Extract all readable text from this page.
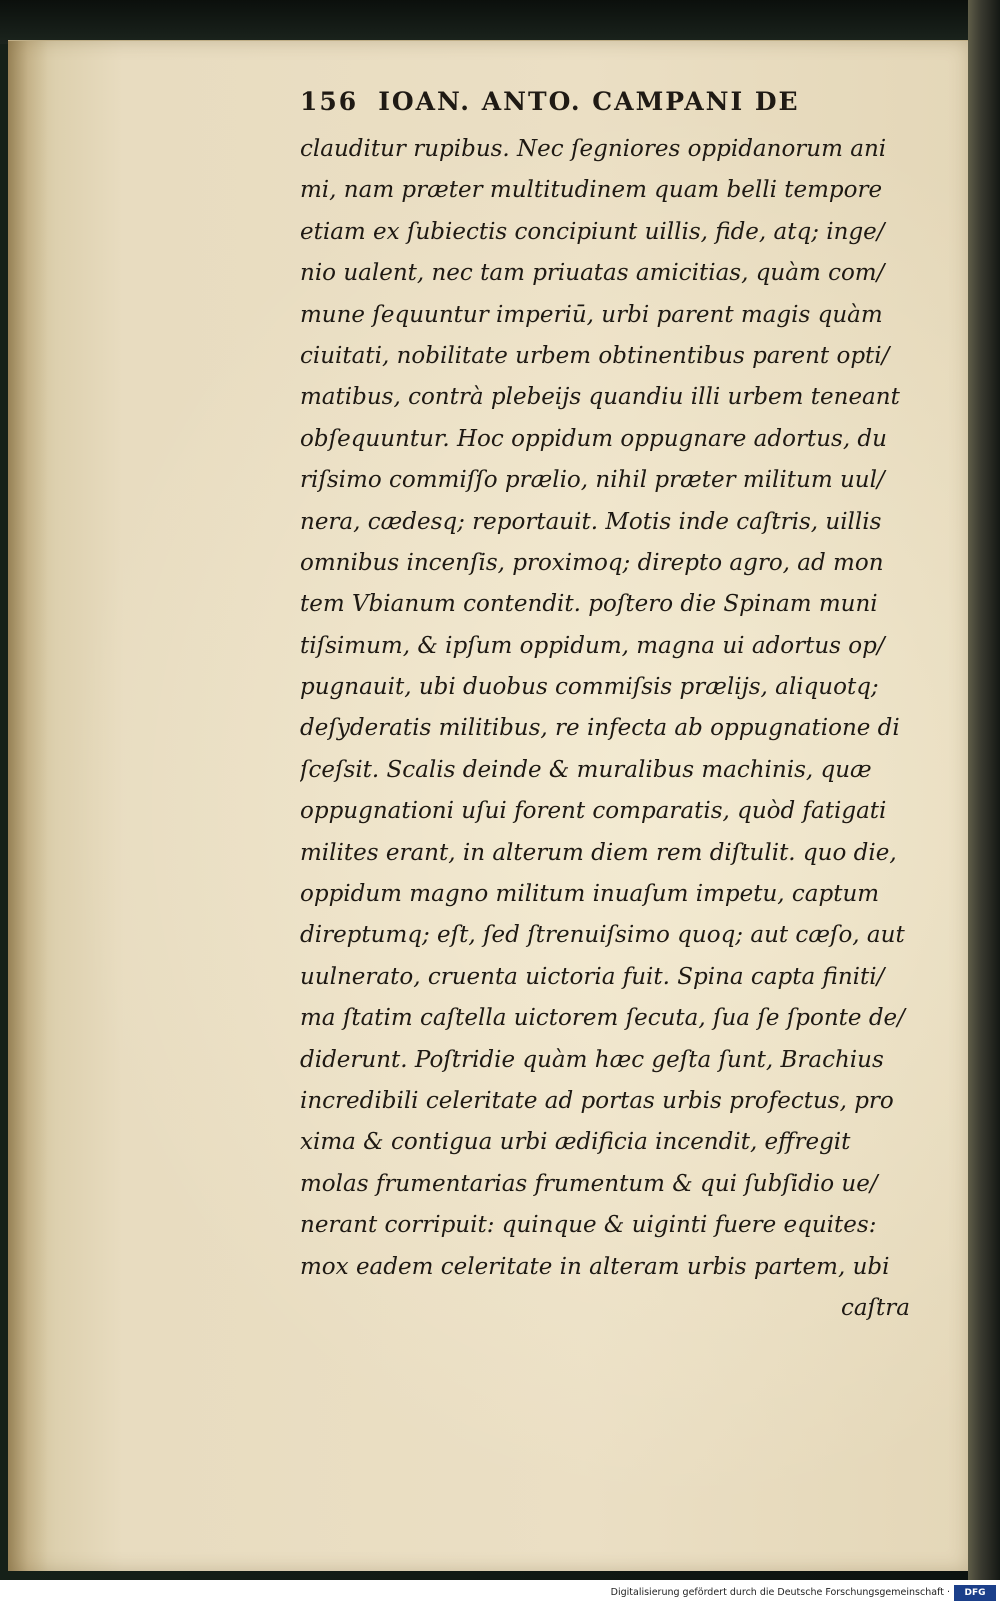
156 IOAN. ANTO. CAMPANI DE
clauditur rupibus. Nec ſegniores oppidanorum ani
mi, nam præter multitudinem quam belli tempore
etiam ex ſubiectis concipiunt uillis, fide, atq; inge/
nio ualent, nec tam priuatas amicitias, quàm com/
mune ſequuntur imperiū, urbi parent magis quàm
ciuitati, nobilitate urbem obtinentibus parent opti/
matibus, contrà plebeijs quandiu illi urbem teneant
obſequuntur. Hoc oppidum oppugnare adortus, du
riſsimo commiſſo prælio, nihil præter militum uul/
nera, cædesq; reportauit. Motis inde caſtris, uillis
omnibus incenſis, proximoq; direpto agro, ad mon
tem Vbianum contendit. poſtero die Spinam muni
tiſsimum, & ipſum oppidum, magna ui adortus op/
pugnauit, ubi duobus commiſsis prælijs, aliquotq;
deſyderatis militibus, re infecta ab oppugnatione di
ſceſsit. Scalis deinde & muralibus machinis, quæ
oppugnationi uſui forent comparatis, quòd fatigati
milites erant, in alterum diem rem diſtulit. quo die,
oppidum magno militum inuaſum impetu, captum
direptumq; eſt, ſed ſtrenuiſsimo quoq; aut cæſo, aut
uulnerato, cruenta uictoria fuit. Spina capta finiti/
ma ſtatim caſtella uictorem ſecuta, ſua ſe ſponte de/
diderunt. Poſtridie quàm hæc geſta ſunt, Brachius
incredibili celeritate ad portas urbis profectus, pro
xima & contigua urbi ædificia incendit, effregit
molas frumentarias frumentum & qui ſubſidio ue/
nerant corripuit: quinque & uiginti fuere equites:
mox eadem celeritate in alteram urbis partem, ubi
caſtra
Digitalisierung gefördert durch die Deutsche Forschungsgemeinschaft ·	DFG
